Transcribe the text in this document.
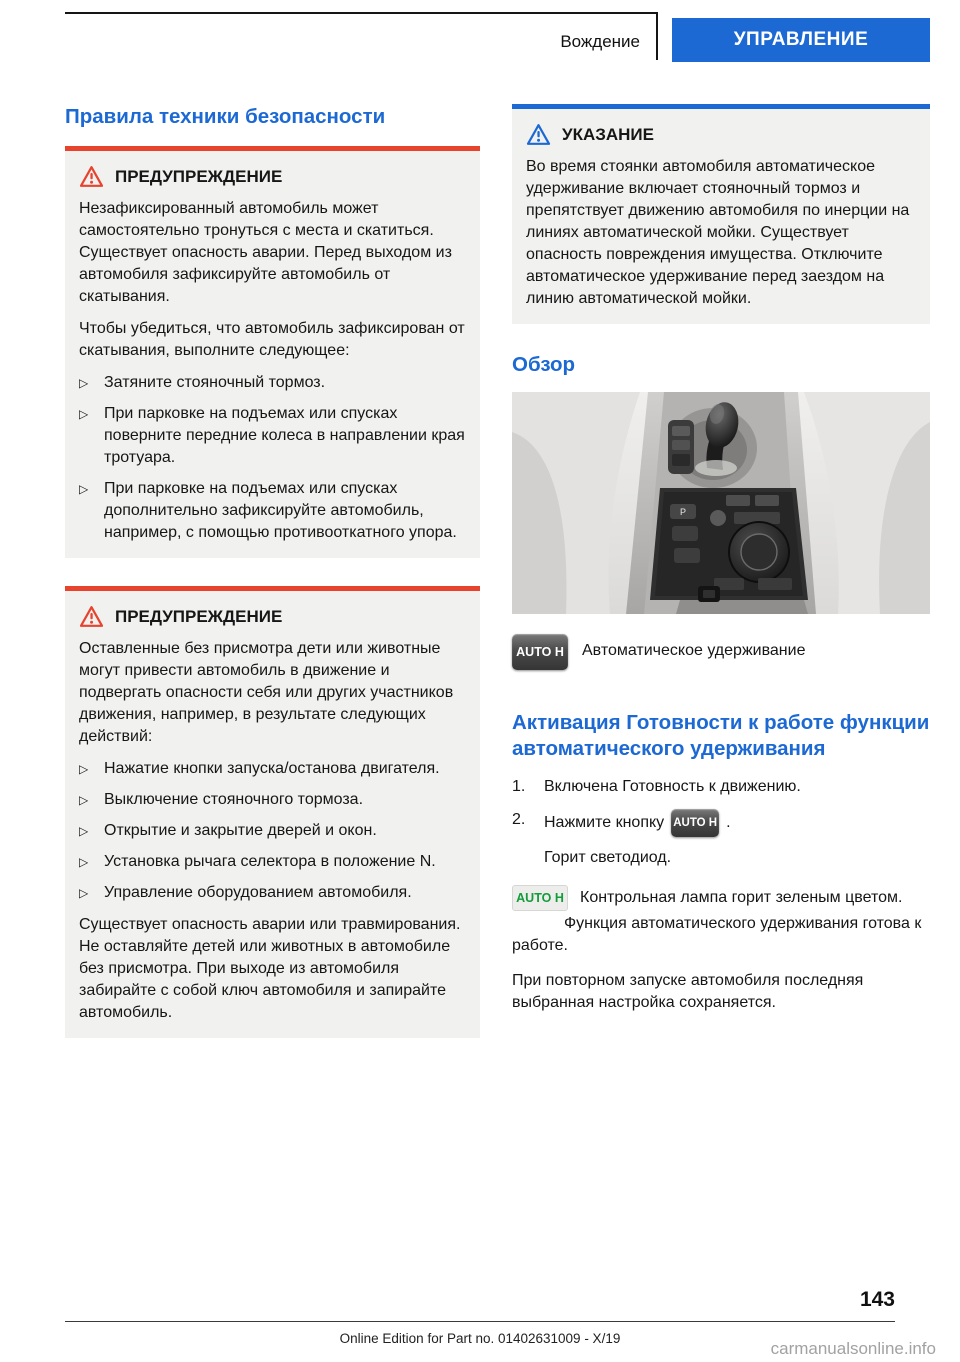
Вождение	УПРАВЛЕНИЕ
Правила техники безопасности
ПРЕДУПРЕЖДЕНИЕ

Незафиксированный автомобиль может самостоятельно тронуться с места и скатиться. Существует опасность аварии. Перед выходом из автомобиля зафиксируйте автомобиль от скатывания.

Чтобы убедиться, что автомобиль зафиксирован от скатывания, выполните следующее:

▷ Затяните стояночный тормоз.
▷ При парковке на подъемах или спусках поверните передние колеса в направлении края тротуара.
▷ При парковке на подъемах или спусках дополнительно зафиксируйте автомобиль, например, с помощью противооткатного упора.
ПРЕДУПРЕЖДЕНИЕ

Оставленные без присмотра дети или животные могут привести автомобиль в движение и подвергать опасности себя или других участников движения, например, в результате следующих действий:

▷ Нажатие кнопки запуска/останова двигателя.
▷ Выключение стояночного тормоза.
▷ Открытие и закрытие дверей и окон.
▷ Установка рычага селектора в положение N.
▷ Управление оборудованием автомобиля.

Существует опасность аварии или травмирования. Не оставляйте детей или животных в автомобиле без присмотра. При выходе из автомобиля забирайте с собой ключ автомобиля и запирайте автомобиль.

УКАЗАНИЕ

Во время стоянки автомобиля автоматическое удерживание включает стояночный тормоз и препятствует движению автомобиля по инерции на линиях автоматической мойки. Существует опасность повреждения имущества. Отключите автоматическое удерживание перед заездом на линию автоматической мойки.

Обзор
P
AUTO H Автоматическое удерживание
Активация Готовности к работе функции автоматического удерживания
1.	Включена Готовность к движению.
2.	Нажмите кнопку AUTO H .
Горит светодиод.
AUTO H Контрольная лампа горит зеленым цветом.

Функция автоматического удерживания готова к работе.

При повторном запуске автомобиля последняя выбранная настройка сохраняется.

143
Online Edition for Part no. 01402631009 - X/19
carmanualsonline.info
